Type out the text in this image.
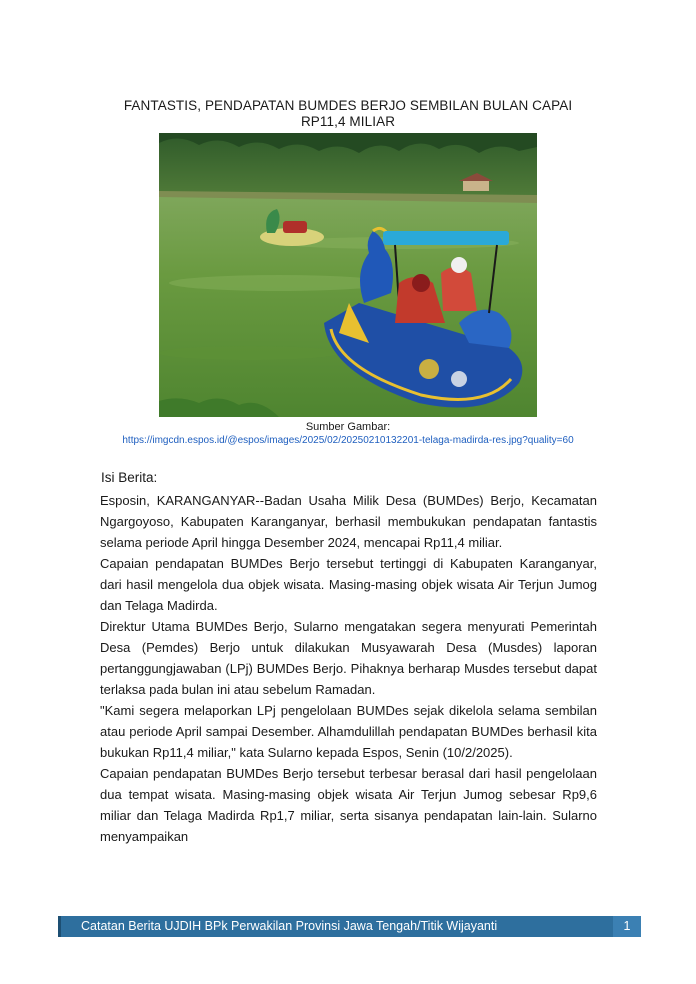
FANTASTIS, PENDAPATAN BUMDES BERJO SEMBILAN BULAN CAPAI RP11,4 MILIAR
Sumber Gambar:
https://imgcdn.espos.id/@espos/images/2025/02/20250210132201-telaga-madirda-res.jpg?quality=60
Isi Berita:

Esposin, KARANGANYAR--Badan Usaha Milik Desa (BUMDes) Berjo, Kecamatan Ngargoyoso, Kabupaten Karanganyar, berhasil membukukan pendapatan fantastis selama periode April hingga Desember 2024, mencapai Rp11,4 miliar.

Capaian pendapatan BUMDes Berjo tersebut tertinggi di Kabupaten Karanganyar, dari hasil mengelola dua objek wisata. Masing-masing objek wisata Air Terjun Jumog dan Telaga Madirda.

Direktur Utama BUMDes Berjo, Sularno mengatakan segera menyurati Pemerintah Desa (Pemdes) Berjo untuk dilakukan Musyawarah Desa (Musdes) laporan pertanggungjawaban (LPj) BUMDes Berjo. Pihaknya berharap Musdes tersebut dapat terlaksa pada bulan ini atau sebelum Ramadan.

"Kami segera melaporkan LPj pengelolaan BUMDes sejak dikelola selama sembilan atau periode April sampai Desember. Alhamdulillah pendapatan BUMDes berhasil kita bukukan Rp11,4 miliar," kata Sularno kepada Espos, Senin (10/2/2025).

Capaian pendapatan BUMDes Berjo tersebut terbesar berasal dari hasil pengelolaan dua tempat wisata. Masing-masing objek wisata Air Terjun Jumog sebesar Rp9,6 miliar dan Telaga Madirda Rp1,7 miliar, serta sisanya pendapatan lain-lain. Sularno menyampaikan

Catatan Berita UJDIH BPk Perwakilan Provinsi Jawa Tengah/Titik Wijayanti	1
